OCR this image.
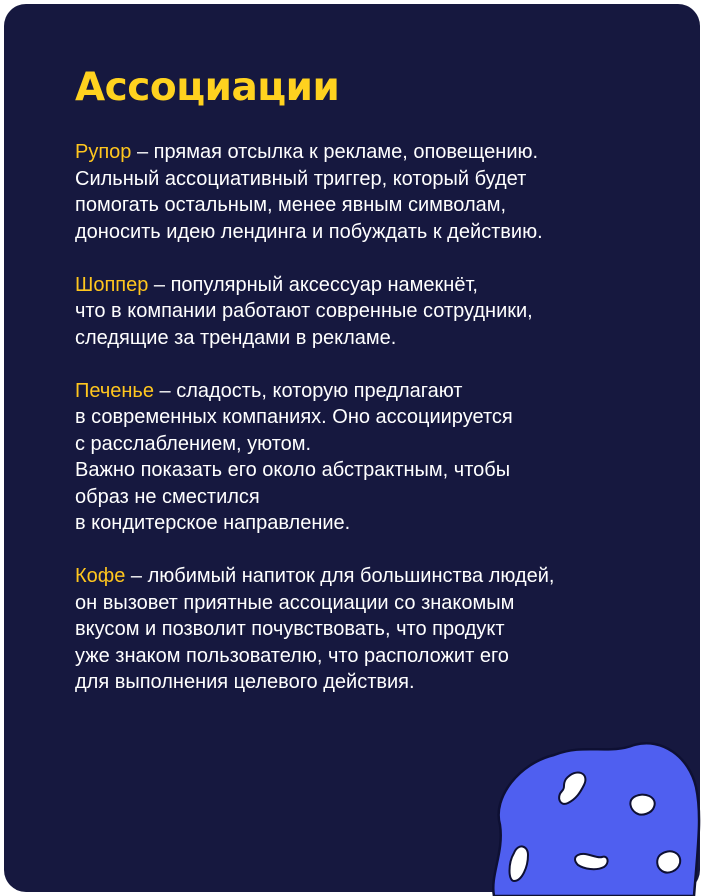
Ассоциации

Рупор – прямая отсылка к рекламе, оповещению.
Сильный ассоциативный триггер, который будет
помогать остальным, менее явным символам,
доносить идею лендинга и побуждать к действию.

Шоппер – популярный аксессуар намекнёт,
что в компании работают совренные сотрудники,
следящие за трендами в рекламе.

Печенье – сладость, которую предлагают
в современных компаниях. Оно ассоциируется
с расслаблением, уютом.
Важно показать его около абстрактным, чтобы
образ не сместился
в кондитерское направление.

Кофе – любимый напиток для большинства людей,
он вызовет приятные ассоциации со знакомым
вкусом и позволит почувствовать, что продукт
уже знаком пользователю, что расположит его
для выполнения целевого действия.
